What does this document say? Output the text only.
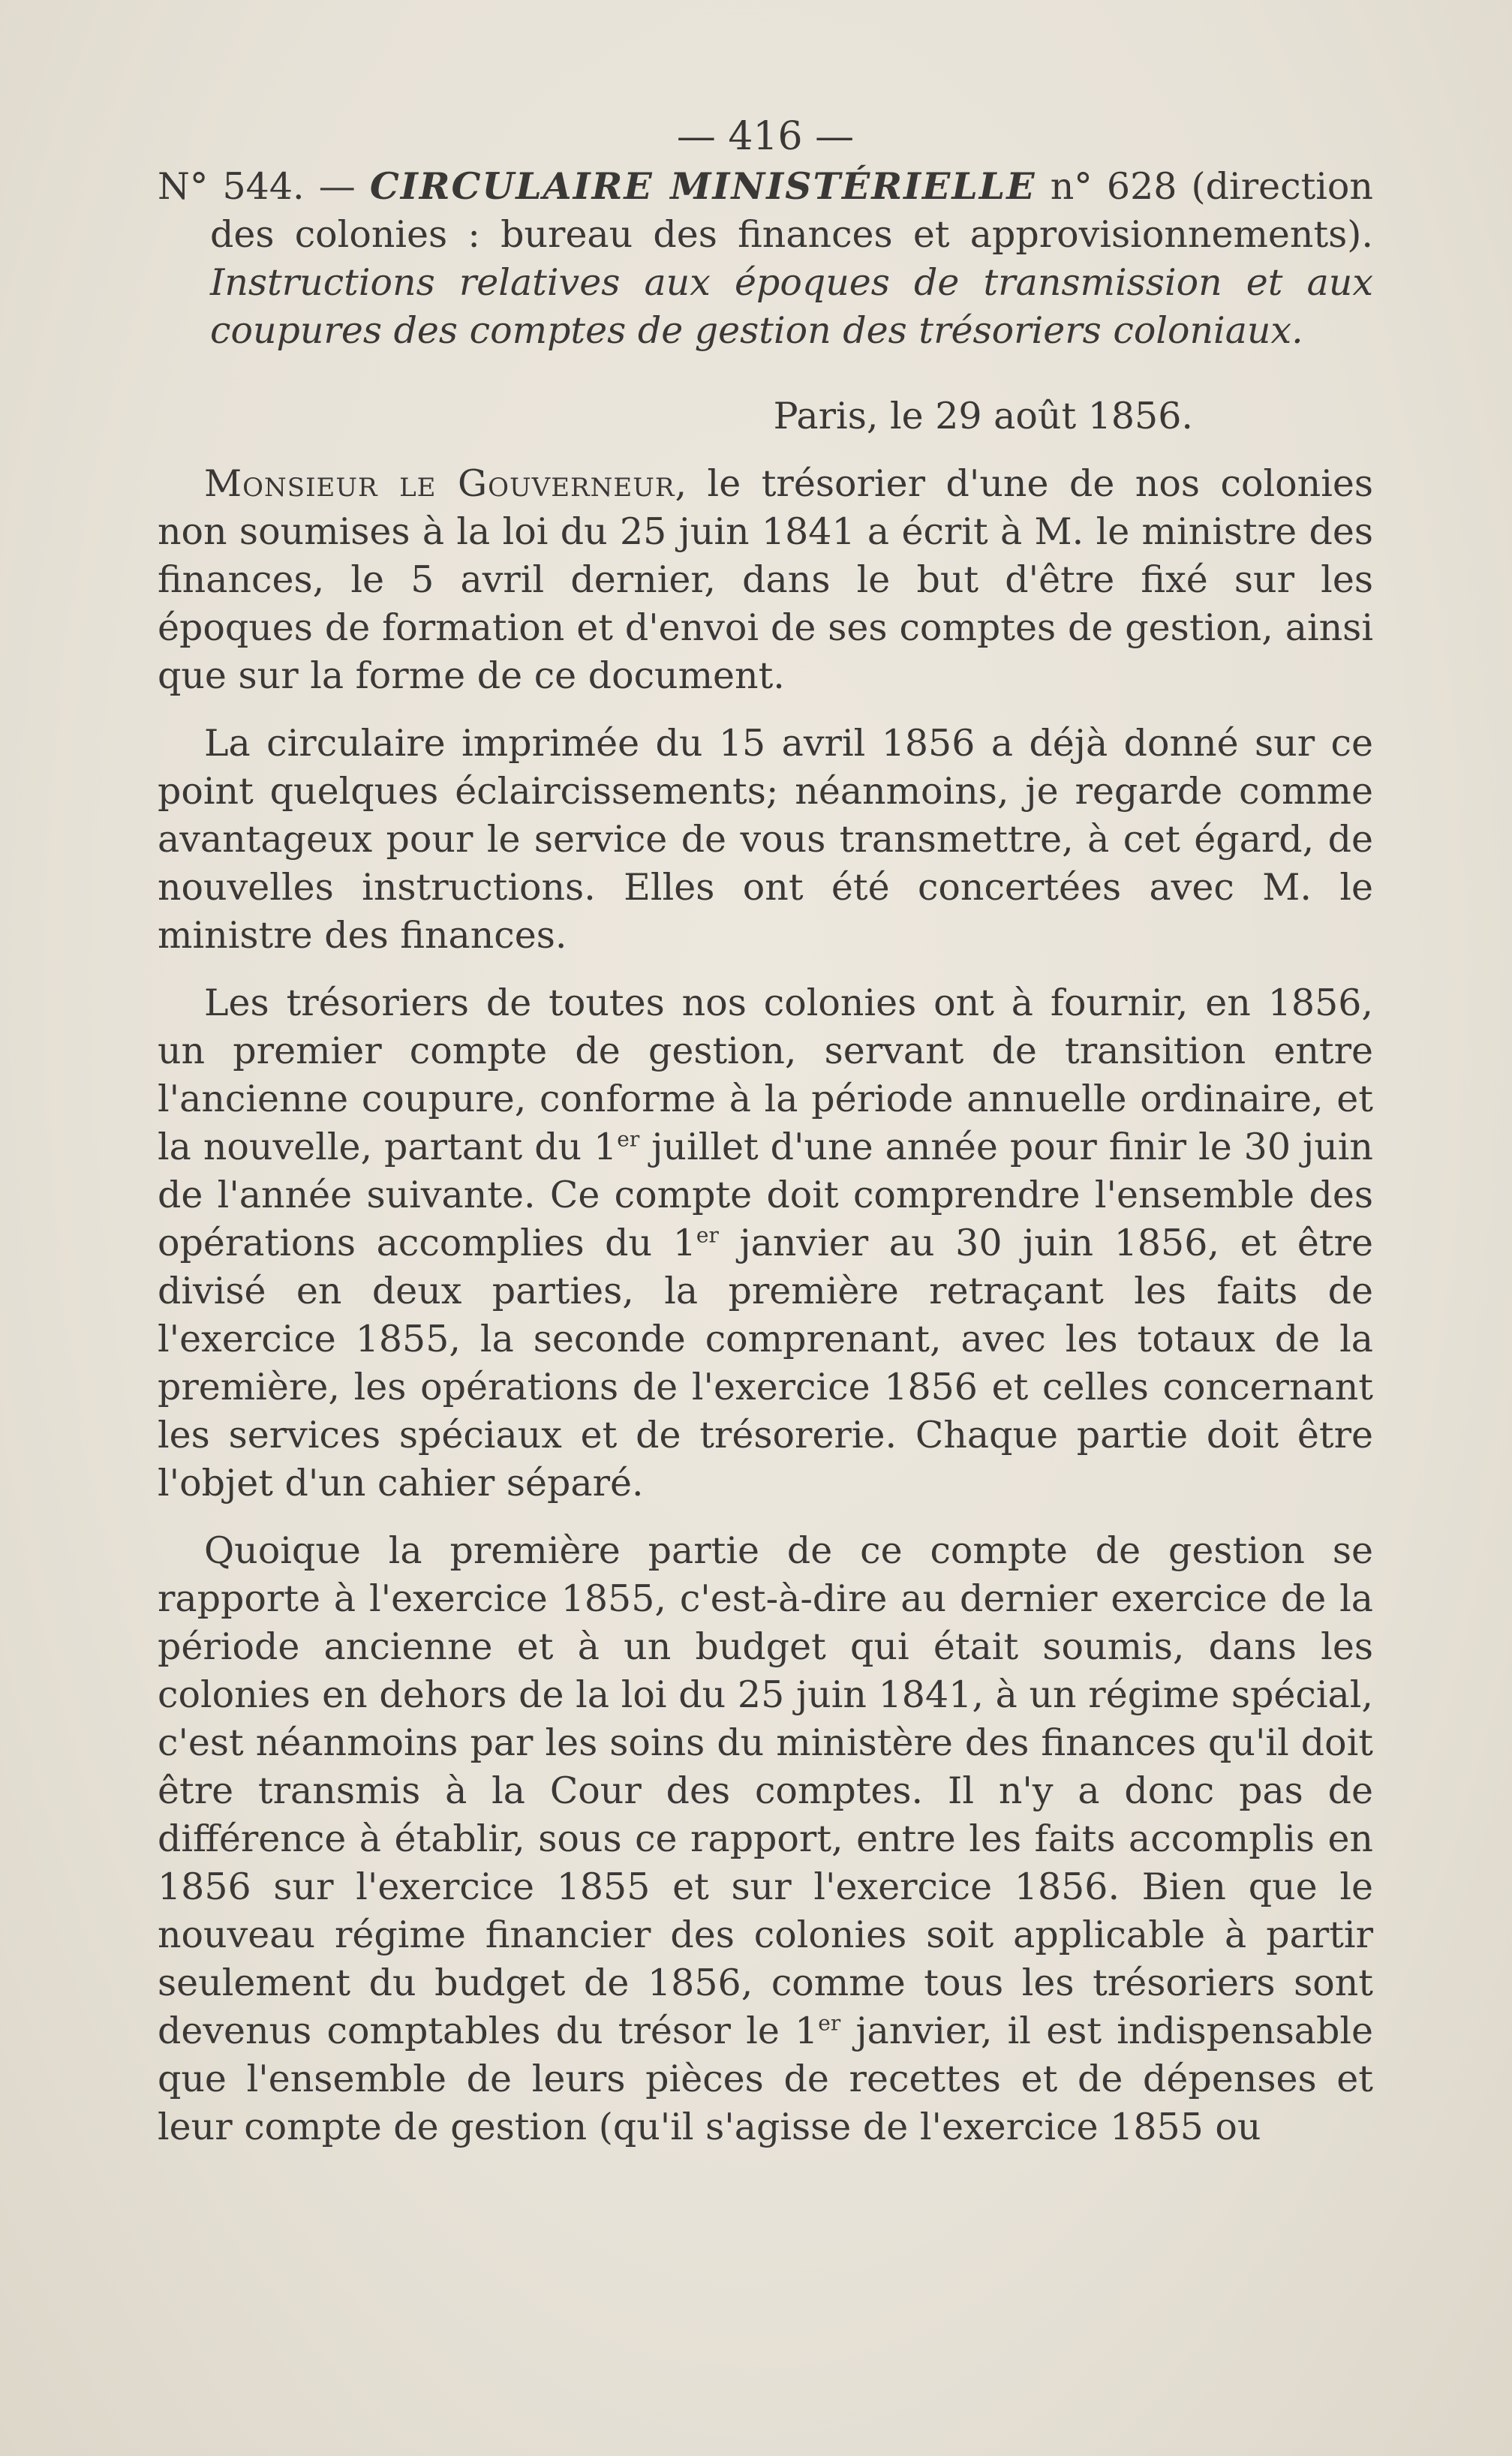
— 416 —

N° 544. — CIRCULAIRE MINISTÉRIELLE n° 628 (direction des colonies : bureau des finances et approvisionnements). Instructions relatives aux époques de transmission et aux coupures des comptes de gestion des trésoriers coloniaux.

Paris, le 29 août 1856.

Monsieur le Gouverneur, le trésorier d'une de nos colonies non soumises à la loi du 25 juin 1841 a écrit à M. le ministre des finances, le 5 avril dernier, dans le but d'être fixé sur les époques de formation et d'envoi de ses comptes de gestion, ainsi que sur la forme de ce document.

La circulaire imprimée du 15 avril 1856 a déjà donné sur ce point quelques éclaircissements; néanmoins, je regarde comme avantageux pour le service de vous transmettre, à cet égard, de nouvelles instructions. Elles ont été concertées avec M. le ministre des finances.

Les trésoriers de toutes nos colonies ont à fournir, en 1856, un premier compte de gestion, servant de transition entre l'ancienne coupure, conforme à la période annuelle ordinaire, et la nouvelle, partant du 1er juillet d'une année pour finir le 30 juin de l'année suivante. Ce compte doit comprendre l'ensemble des opérations accomplies du 1er janvier au 30 juin 1856, et être divisé en deux parties, la première retraçant les faits de l'exercice 1855, la seconde comprenant, avec les totaux de la première, les opérations de l'exercice 1856 et celles concernant les services spéciaux et de trésorerie. Chaque partie doit être l'objet d'un cahier séparé.

Quoique la première partie de ce compte de gestion se rapporte à l'exercice 1855, c'est-à-dire au dernier exercice de la période ancienne et à un budget qui était soumis, dans les colonies en dehors de la loi du 25 juin 1841, à un régime spécial, c'est néanmoins par les soins du ministère des finances qu'il doit être transmis à la Cour des comptes. Il n'y a donc pas de différence à établir, sous ce rapport, entre les faits accomplis en 1856 sur l'exercice 1855 et sur l'exercice 1856. Bien que le nouveau régime financier des colonies soit applicable à partir seulement du budget de 1856, comme tous les trésoriers sont devenus comptables du trésor le 1er janvier, il est indispensable que l'ensemble de leurs pièces de recettes et de dépenses et leur compte de gestion (qu'il s'agisse de l'exercice 1855 ou
